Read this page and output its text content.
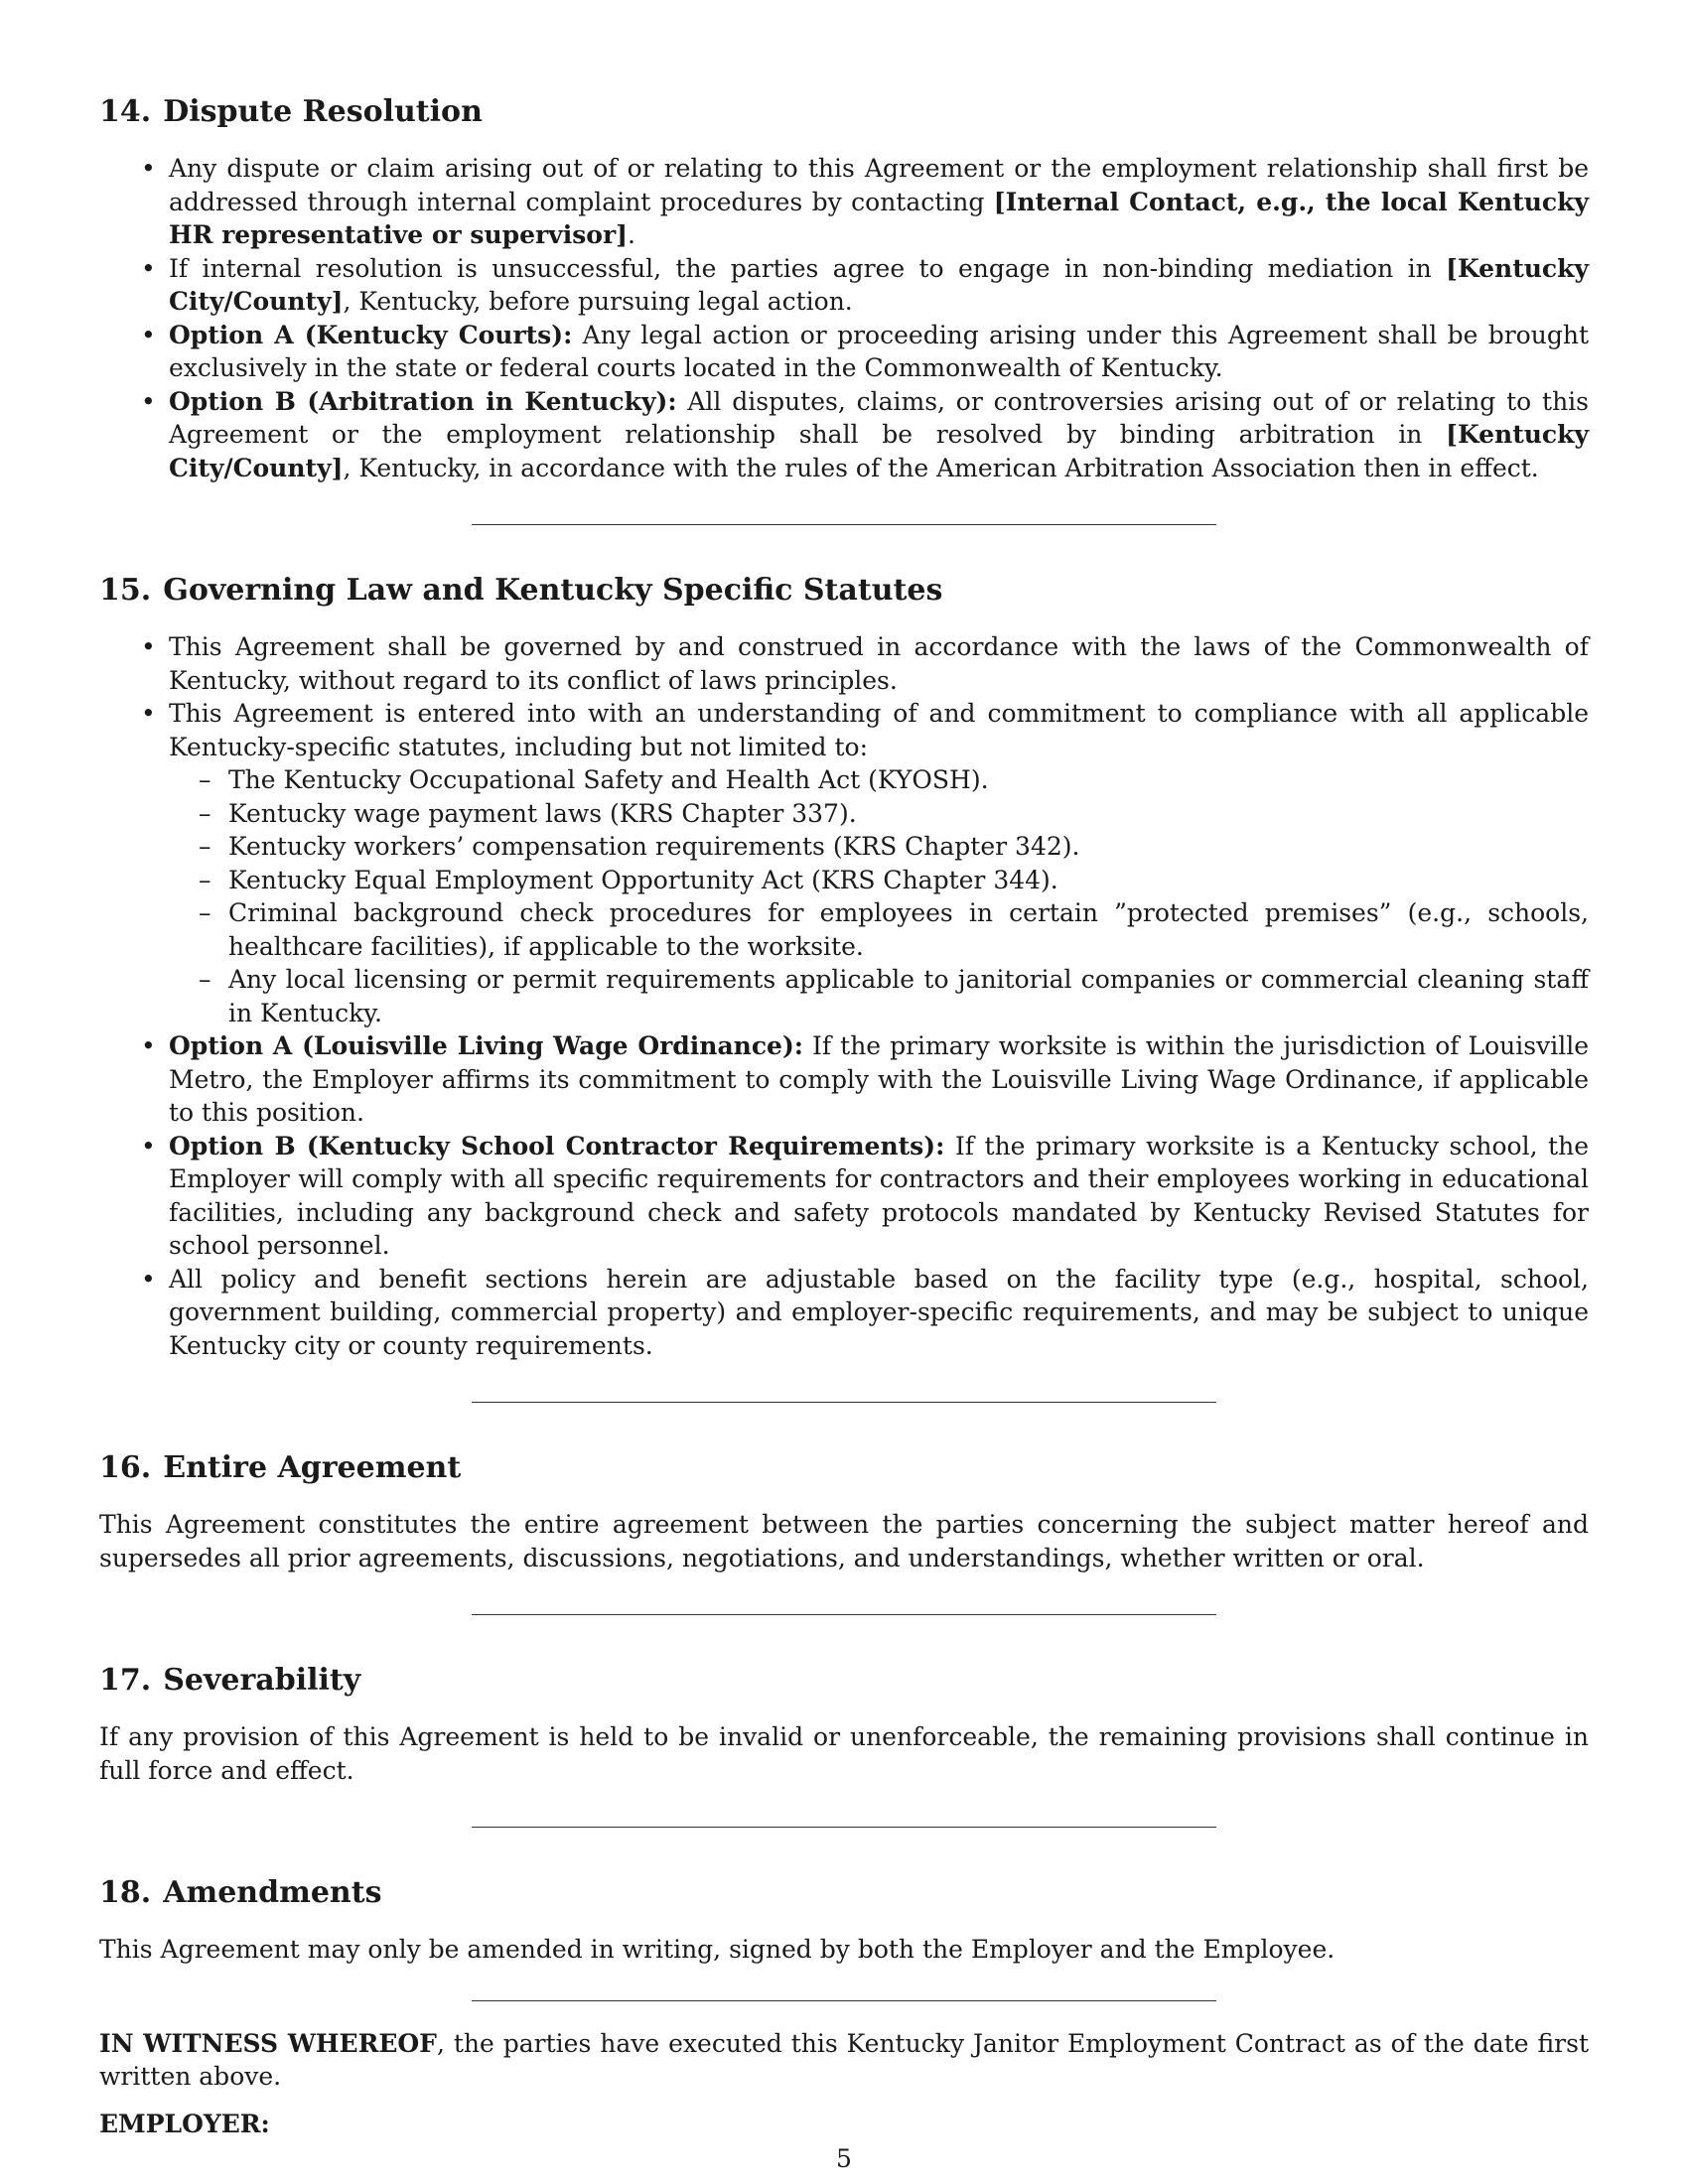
14. Dispute Resolution
• Any dispute or claim arising out of or relating to this Agreement or the employment relationship shall first be addressed through internal complaint procedures by contacting [Internal Contact, e.g., the local Kentucky HR representative or supervisor].
• If internal resolution is unsuccessful, the parties agree to engage in non-binding mediation in [Kentucky City/County], Kentucky, before pursuing legal action.
• Option A (Kentucky Courts): Any legal action or proceeding arising under this Agreement shall be brought exclusively in the state or federal courts located in the Commonwealth of Kentucky.
• Option B (Arbitration in Kentucky): All disputes, claims, or controversies arising out of or relating to this Agreement or the employment relationship shall be resolved by binding arbitration in [Kentucky City/County], Kentucky, in accordance with the rules of the American Arbitration Association then in effect.
15. Governing Law and Kentucky Specific Statutes
• This Agreement shall be governed by and construed in accordance with the laws of the Commonwealth of Kentucky, without regard to its conflict of laws principles.
• This Agreement is entered into with an understanding of and commitment to compliance with all applicable Kentucky-specific statutes, including but not limited to:
– The Kentucky Occupational Safety and Health Act (KYOSH).
– Kentucky wage payment laws (KRS Chapter 337).
– Kentucky workers’ compensation requirements (KRS Chapter 342).
– Kentucky Equal Employment Opportunity Act (KRS Chapter 344).
– Criminal background check procedures for employees in certain ”protected premises” (e.g., schools, healthcare facilities), if applicable to the worksite.
– Any local licensing or permit requirements applicable to janitorial companies or commercial cleaning staff in Kentucky.
• Option A (Louisville Living Wage Ordinance): If the primary worksite is within the jurisdiction of Louisville Metro, the Employer affirms its commitment to comply with the Louisville Living Wage Ordinance, if applicable to this position.
• Option B (Kentucky School Contractor Requirements): If the primary worksite is a Kentucky school, the Employer will comply with all specific requirements for contractors and their employees working in educational facilities, including any background check and safety protocols mandated by Kentucky Revised Statutes for school personnel.
• All policy and benefit sections herein are adjustable based on the facility type (e.g., hospital, school, government building, commercial property) and employer-specific requirements, and may be subject to unique Kentucky city or county requirements.
16. Entire Agreement

This Agreement constitutes the entire agreement between the parties concerning the subject matter hereof and supersedes all prior agreements, discussions, negotiations, and understandings, whether written or oral.

17. Severability

If any provision of this Agreement is held to be invalid or unenforceable, the remaining provisions shall continue in full force and effect.

18. Amendments

This Agreement may only be amended in writing, signed by both the Employer and the Employee.

IN WITNESS WHEREOF, the parties have executed this Kentucky Janitor Employment Contract as of the date first written above.

EMPLOYER:

5
